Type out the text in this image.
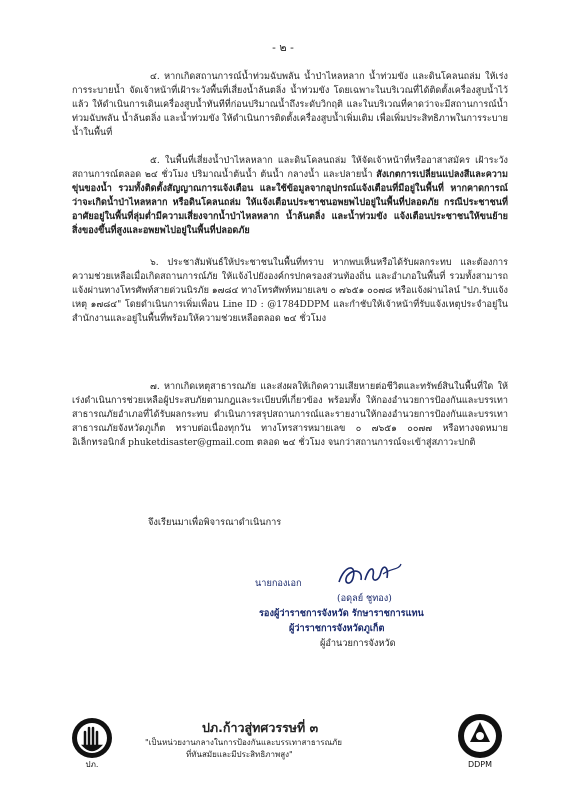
- ๒ -

๔. หากเกิดสถานการณ์น้ำท่วมฉับพลัน น้ำป่าไหลหลาก น้ำท่วมขัง และดินโคลนถล่ม ให้เร่งการระบายน้ำ จัดเจ้าหน้าที่เฝ้าระวังพื้นที่เสี่ยงน้ำล้นตลิ่ง น้ำท่วมขัง โดยเฉพาะในบริเวณที่ได้ติดตั้งเครื่องสูบน้ำไว้แล้ว ให้ดำเนินการเดินเครื่องสูบน้ำทันทีที่ก่อนปริมาณน้ำถึงระดับวิกฤติ และในบริเวณที่คาดว่าจะมีสถานการณ์น้ำท่วมฉับพลัน น้ำล้นตลิ่ง และน้ำท่วมขัง ให้ดำเนินการติดตั้งเครื่องสูบน้ำเพิ่มเติม เพื่อเพิ่มประสิทธิภาพในการระบายน้ำในพื้นที่

๕. ในพื้นที่เสี่ยงน้ำป่าไหลหลาก และดินโคลนถล่ม ให้จัดเจ้าหน้าที่หรืออาสาสมัคร เฝ้าระวังสถานการณ์ตลอด ๒๔ ชั่วโมง ปริมาณน้ำต้นน้ำ ต้นน้ำ กลางน้ำ และปลายน้ำ สังเกตการเปลี่ยนแปลงสีและความขุ่นของน้ำ รวมทั้งติดตั้งสัญญาณการแจ้งเตือน และใช้ข้อมูลจากอุปกรณ์แจ้งเตือนที่มีอยู่ในพื้นที่ หากคาดการณ์ว่าจะเกิดน้ำป่าไหลหลาก หรือดินโคลนถล่ม ให้แจ้งเตือนประชาชนอพยพไปอยู่ในพื้นที่ปลอดภัย กรณีประชาชนที่อาศัยอยู่ในพื้นที่ลุ่มต่ำมีความเสี่ยงจากน้ำป่าไหลหลาก น้ำล้นตลิ่ง และน้ำท่วมขัง แจ้งเตือนประชาชนให้ขนย้ายสิ่งของขึ้นที่สูงและอพยพไปอยู่ในพื้นที่ปลอดภัย

๖. ประชาสัมพันธ์ให้ประชาชนในพื้นที่ทราบ หากพบเห็นหรือได้รับผลกระทบ และต้องการความช่วยเหลือเมื่อเกิดสถานการณ์ภัย ให้แจ้งไปยังองค์กรปกครองส่วนท้องถิ่น และอำเภอในพื้นที่ รวมทั้งสามารถแจ้งผ่านทางโทรศัพท์สายด่วนนิรภัย ๑๗๘๔ ทางโทรศัพท์หมายเลข ๐ ๗๖๕๑ ๐๐๗๘ หรือแจ้งผ่านไลน์ "ปภ.รับแจ้งเหตุ ๑๗๘๔" โดยดำเนินการเพิ่มเพื่อน Line ID : @1784DDPM และกำชับให้เจ้าหน้าที่รับแจ้งเหตุประจำอยู่ในสำนักงานและอยู่ในพื้นที่พร้อมให้ความช่วยเหลือตลอด ๒๔ ชั่วโมง

๗. หากเกิดเหตุสาธารณภัย และส่งผลให้เกิดความเสียหายต่อชีวิตและทรัพย์สินในพื้นที่ใด ให้เร่งดำเนินการช่วยเหลือผู้ประสบภัยตามกฎและระเบียบที่เกี่ยวข้อง พร้อมทั้ง ให้กองอำนวยการป้องกันและบรรเทาสาธารณภัยอำเภอที่ได้รับผลกระทบ ดำเนินการสรุปสถานการณ์และรายงานให้กองอำนวยการป้องกันและบรรเทาสาธารณภัยจังหวัดภูเก็ต ทราบต่อเนื่องทุกวัน ทางโทรสารหมายเลข ๐ ๗๖๕๑ ๐๐๗๗ หรือทางจดหมายอิเล็กทรอนิกส์ phuketdisaster@gmail.com ตลอด ๒๔ ชั่วโมง จนกว่าสถานการณ์จะเข้าสู่สภาวะปกติ

จึงเรียนมาเพื่อพิจารณาดำเนินการ
นายกองเอก
(อดุลย์ ชูทอง)
รองผู้ว่าราชการจังหวัด รักษาราชการแทน
ผู้ว่าราชการจังหวัดภูเก็ต
ผู้อำนวยการจังหวัด
ปภ.
ปภ.ก้าวสู่ทศวรรษที่ ๓
"เป็นหน่วยงานกลางในการป้องกันและบรรเทาสาธารณภัย
ที่ทันสมัยและมีประสิทธิภาพสูง"
DDPM
